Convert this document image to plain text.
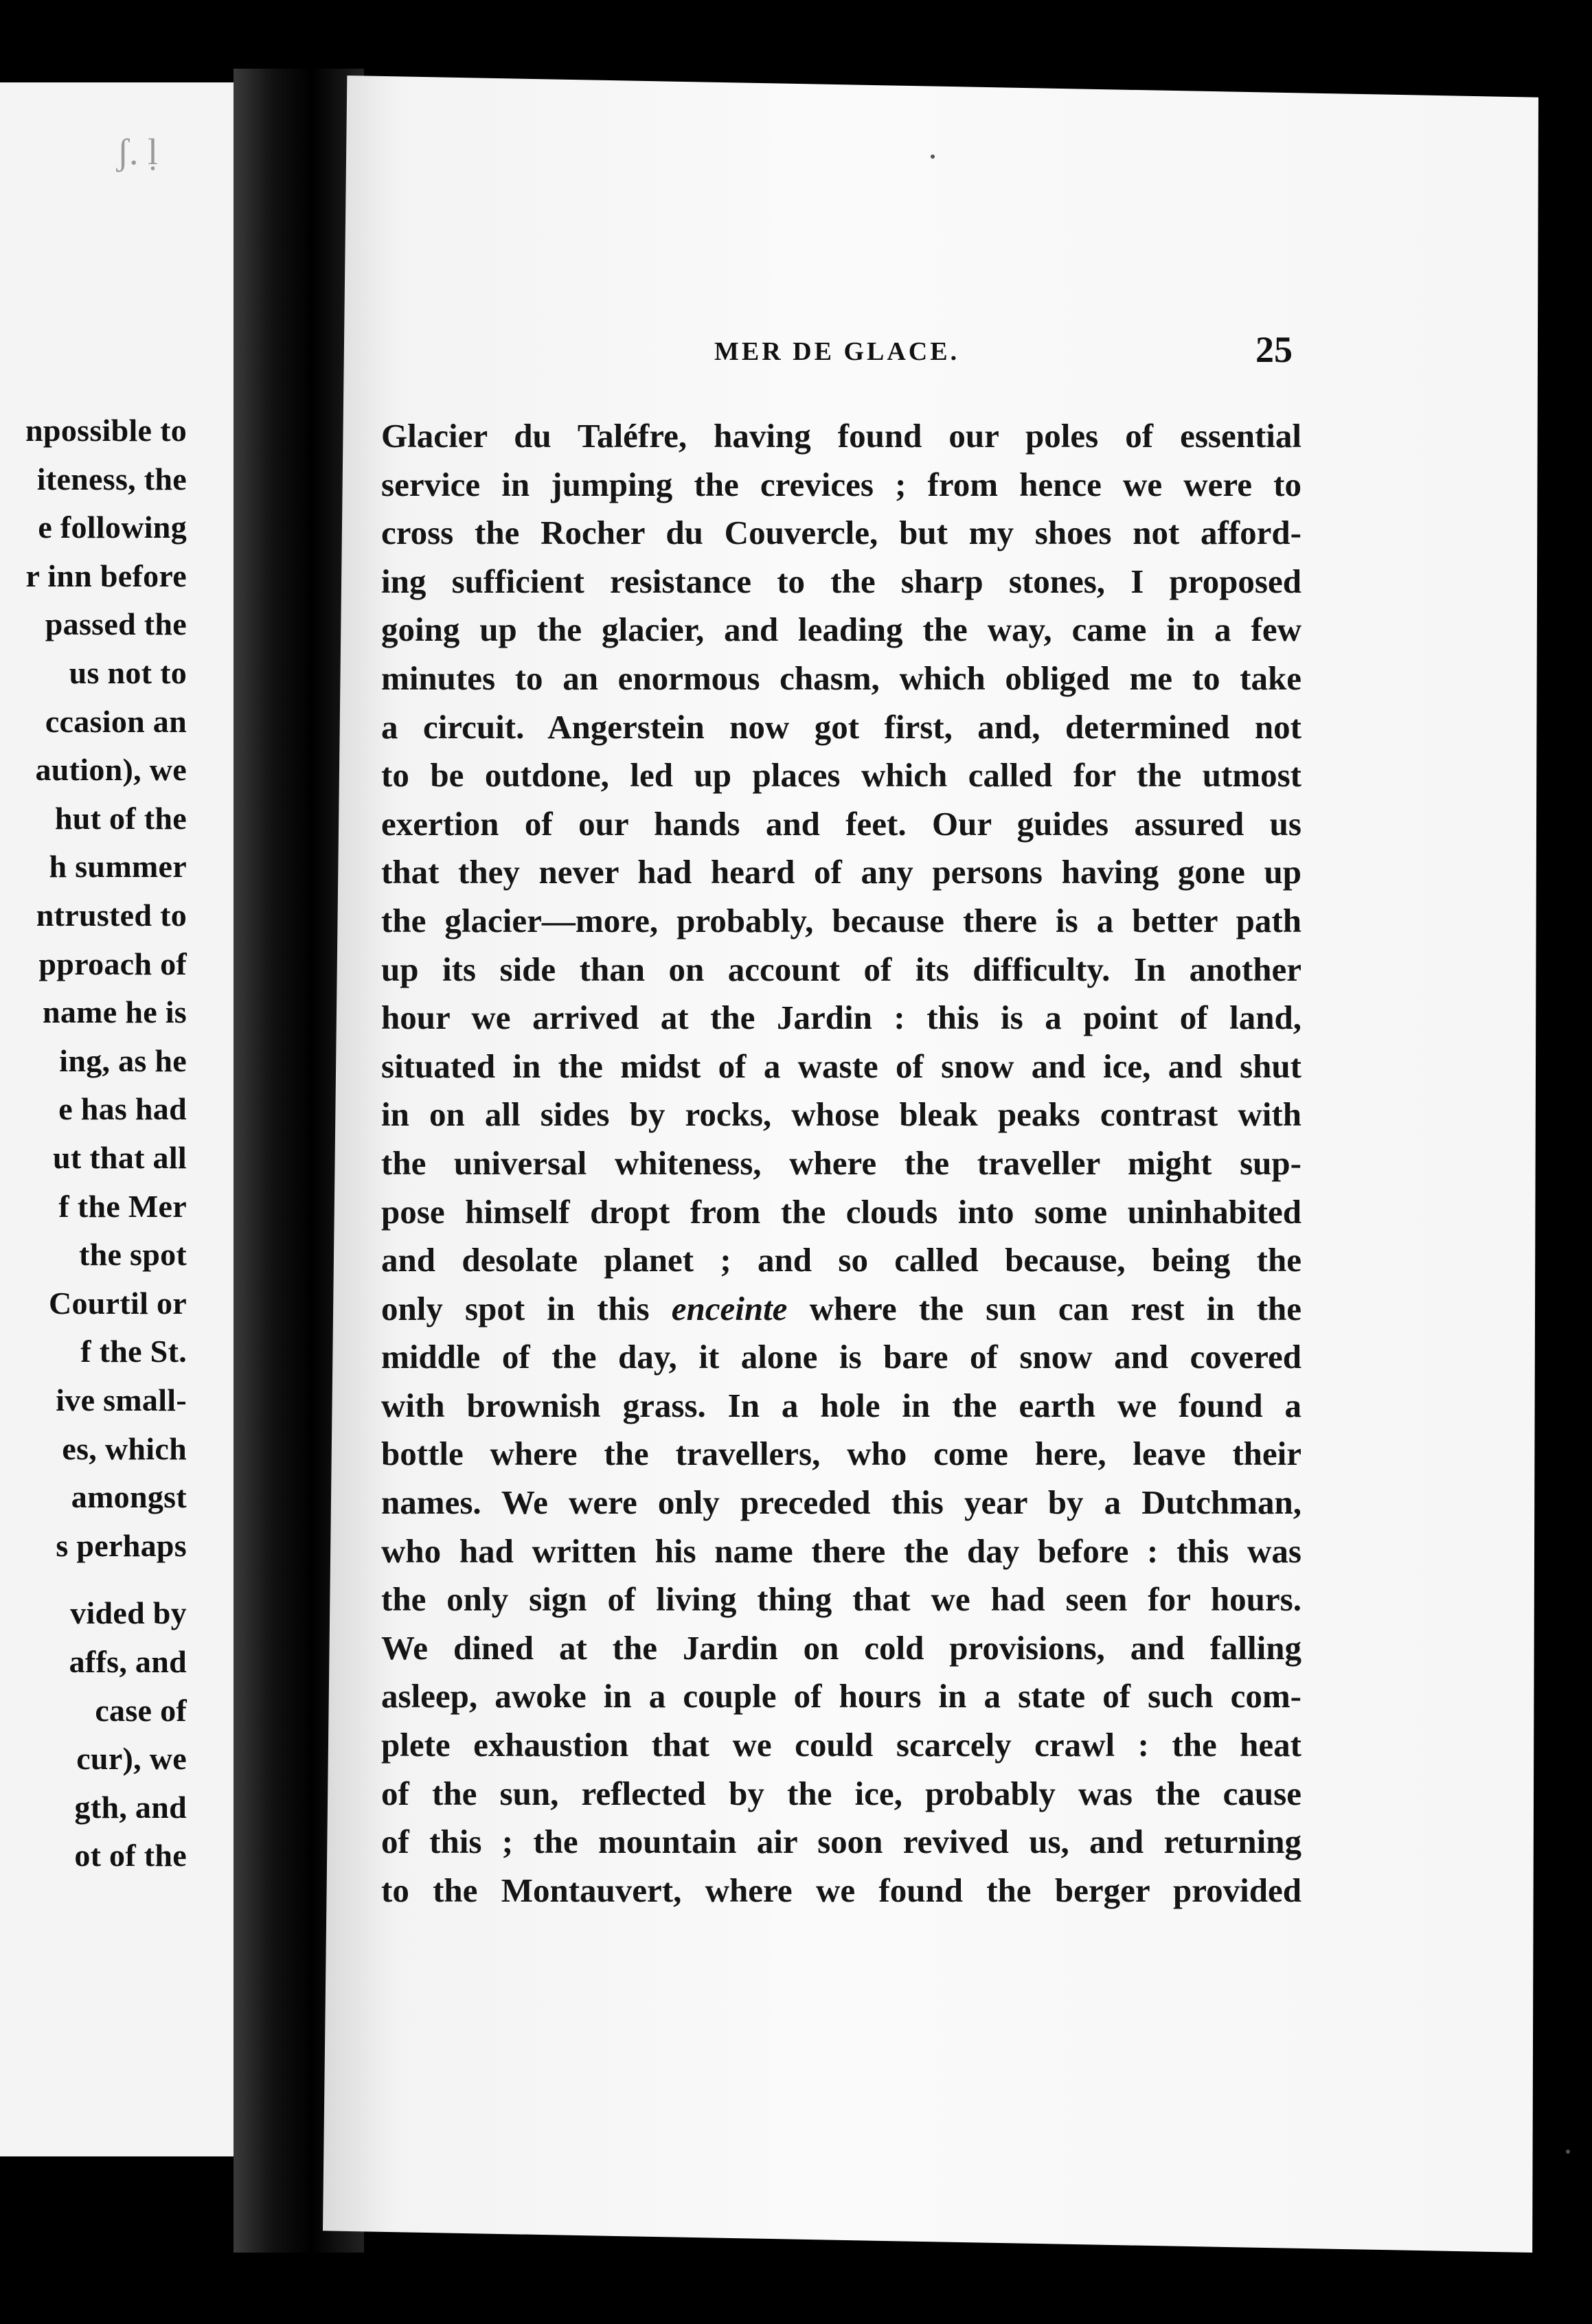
ʃ. ḷ
npossible to
iteness, the
e following
r inn before
passed the
us not to
ccasion an
aution), we
hut of the
h summer
ntrusted to
pproach of
name he is
ing, as he
e has had
ut that all
f the Mer
the spot
Courtil or
f the St.
ive small-
es, which
amongst
s perhaps
vided by
affs, and
case of
cur), we
gth, and
ot of the
MER DE GLACE.	25
Glacier du Taléfre, having found our poles of essential
service in jumping the crevices ; from hence we were to
cross the Rocher du Couvercle, but my shoes not afford-
ing sufficient resistance to the sharp stones, I proposed
going up the glacier, and leading the way, came in a few
minutes to an enormous chasm, which obliged me to take
a circuit. Angerstein now got first, and, determined not
to be outdone, led up places which called for the utmost
exertion of our hands and feet. Our guides assured us
that they never had heard of any persons having gone up
the glacier—more, probably, because there is a better path
up its side than on account of its difficulty. In another
hour we arrived at the Jardin : this is a point of land,
situated in the midst of a waste of snow and ice, and shut
in on all sides by rocks, whose bleak peaks contrast with
the universal whiteness, where the traveller might sup-
pose himself dropt from the clouds into some uninhabited
and desolate planet ; and so called because, being the
only spot in this enceinte where the sun can rest in the
middle of the day, it alone is bare of snow and covered
with brownish grass. In a hole in the earth we found a
bottle where the travellers, who come here, leave their
names. We were only preceded this year by a Dutchman,
who had written his name there the day before : this was
the only sign of living thing that we had seen for hours.
We dined at the Jardin on cold provisions, and falling
asleep, awoke in a couple of hours in a state of such com-
plete exhaustion that we could scarcely crawl : the heat
of the sun, reflected by the ice, probably was the cause
of this ; the mountain air soon revived us, and returning
to the Montauvert, where we found the berger provided
